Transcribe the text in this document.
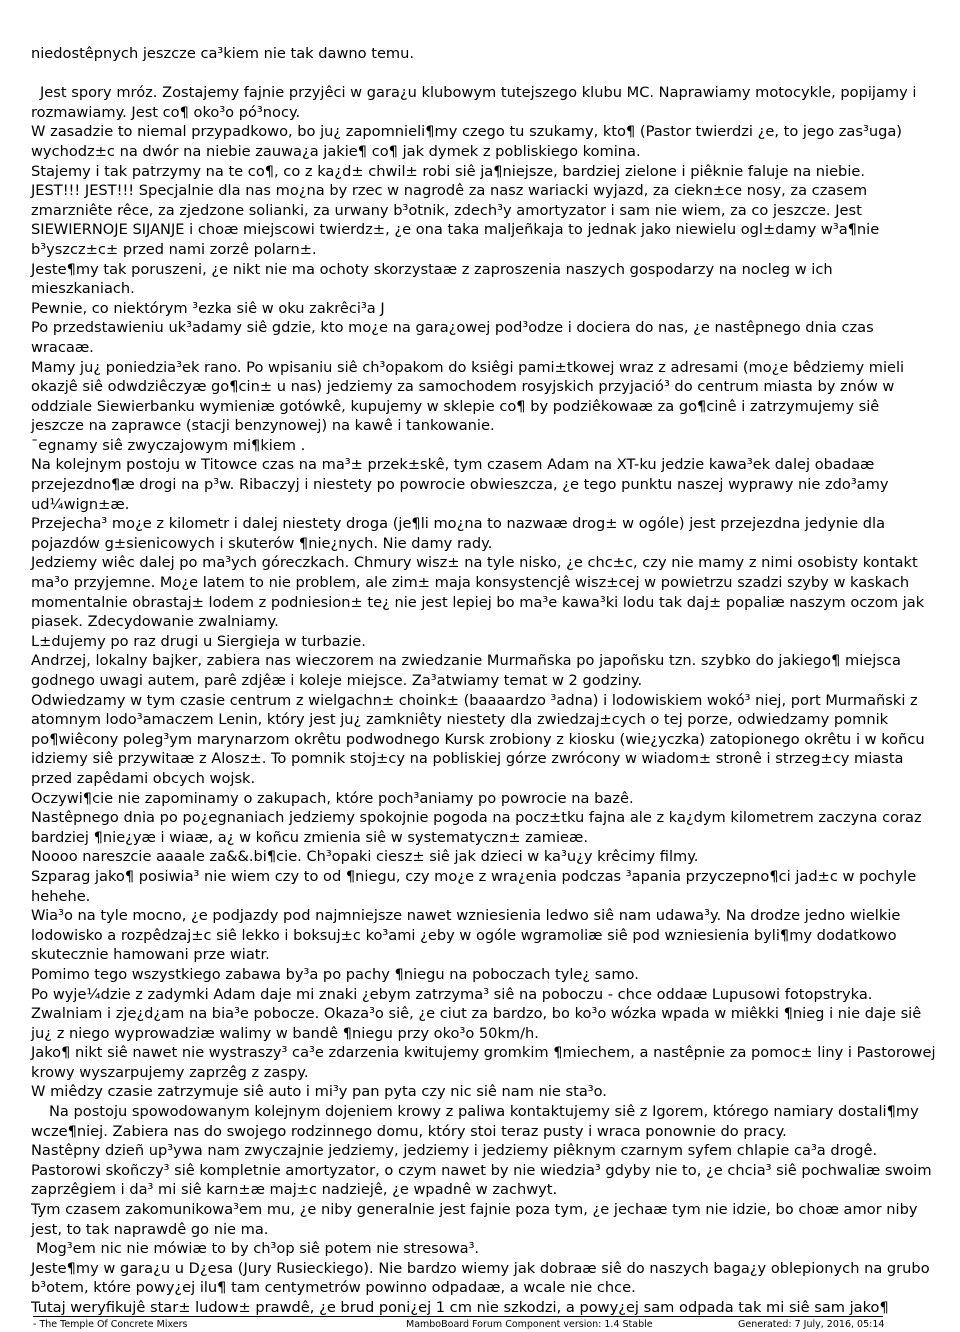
niedostêpnych jeszcze ca³kiem nie tak dawno temu.

Jest spory mróz. Zostajemy fajnie przyjêci w gara¿u klubowym tutejszego klubu MC. Naprawiamy motocykle, popijamy i rozmawiamy. Jest co¶ oko³o pó³nocy.

W zasadzie to niemal przypadkowo, bo ju¿ zapomnieli¶my czego tu szukamy, kto¶ (Pastor twierdzi ¿e, to jego zas³uga) wychodz±c na dwór na niebie zauwa¿a jakie¶ co¶ jak dymek z pobliskiego komina.

Stajemy i tak patrzymy na te co¶, co z ka¿d± chwil± robi siê ja¶niejsze, bardziej zielone i piêknie faluje na niebie.

JEST!!! JEST!!! Specjalnie dla nas mo¿na by rzec w nagrodê za nasz wariacki wyjazd, za ciekn±ce nosy, za czasem zmarzniête rêce, za zjedzone solianki, za urwany b³otnik, zdech³y amortyzator i sam nie wiem, za co jeszcze. Jest SIEWIERNOJE SIJANJE i choæ miejscowi twierdz±, ¿e ona taka maljeñkaja to jednak jako niewielu ogl±damy w³a¶nie b³yszcz±c± przed nami zorzê polarn±.

Jeste¶my tak poruszeni, ¿e nikt nie ma ochoty skorzystaæ z zaproszenia naszych gospodarzy na nocleg w ich mieszkaniach.

Pewnie, co niektórym ³ezka siê w oku zakrêci³a J

Po przedstawieniu uk³adamy siê gdzie, kto mo¿e na gara¿owej pod³odze i dociera do nas, ¿e nastêpnego dnia czas wracaæ.

Mamy ju¿ poniedzia³ek rano. Po wpisaniu siê ch³opakom do ksiêgi pami±tkowej wraz z adresami (mo¿e bêdziemy mieli okazjê siê odwdziêczyæ go¶cin± u nas) jedziemy za samochodem rosyjskich przyjació³ do centrum miasta by znów w oddziale Siewierbanku wymieniæ gotówkê, kupujemy w sklepie co¶ by podziêkowaæ za go¶cinê i zatrzymujemy siê jeszcze na zaprawce (stacji benzynowej) na kawê i tankowanie.

¯egnamy siê zwyczajowym mi¶kiem .

Na kolejnym postoju w Titowce czas na ma³± przek±skê, tym czasem Adam na XT-ku jedzie kawa³ek dalej obadaæ przejezdno¶æ drogi na p³w. Ribaczyj i niestety po powrocie obwieszcza, ¿e tego punktu naszej wyprawy nie zdo³amy ud¼wign±æ.

Przejecha³ mo¿e z kilometr i dalej niestety droga (je¶li mo¿na to nazwaæ drog± w ogóle) jest przejezdna jedynie dla pojazdów g±sienicowych i skuterów ¶nie¿nych. Nie damy rady.

Jedziemy wiêc dalej po ma³ych góreczkach. Chmury wisz± na tyle nisko, ¿e chc±c, czy nie mamy z nimi osobisty kontakt ma³o przyjemne. Mo¿e latem to nie problem, ale zim± maja konsystencjê wisz±cej w powietrzu szadzi szyby w kaskach momentalnie obrastaj± lodem z podniesion± te¿ nie jest lepiej bo ma³e kawa³ki lodu tak daj± popaliæ naszym oczom jak piasek. Zdecydowanie zwalniamy.

L±dujemy po raz drugi u Siergieja w turbazie.

Andrzej, lokalny bajker, zabiera nas wieczorem na zwiedzanie Murmañska po japoñsku tzn. szybko do jakiego¶ miejsca godnego uwagi autem, parê zdjêæ i koleje miejsce. Za³atwiamy temat w 2 godziny.

Odwiedzamy w tym czasie centrum z wielgachn± choink± (baaaardzo ³adna) i lodowiskiem wokó³ niej, port Murmañski z atomnym lodo³amaczem Lenin, który jest ju¿ zamkniêty niestety dla zwiedzaj±cych o tej porze, odwiedzamy pomnik po¶wiêcony poleg³ym marynarzom okrêtu podwodnego Kursk zrobiony z kiosku (wie¿yczka) zatopionego okrêtu i w koñcu idziemy siê przywitaæ z Alosz±. To pomnik stoj±cy na pobliskiej górze zwrócony w wiadom± stronê i strzeg±cy miasta przed zapêdami obcych wojsk.

Oczywi¶cie nie zapominamy o zakupach, które poch³aniamy po powrocie na bazê.

Nastêpnego dnia po po¿egnaniach jedziemy spokojnie pogoda na pocz±tku fajna ale z ka¿dym kilometrem zaczyna coraz bardziej ¶nie¿yæ i wiaæ, a¿ w koñcu zmienia siê w systematyczn± zamieæ.

Noooo nareszcie aaaale za&&.bi¶cie. Ch³opaki ciesz± siê jak dzieci w ka³u¿y krêcimy filmy.

Szparag jako¶ posiwia³ nie wiem czy to od ¶niegu, czy mo¿e z wra¿enia podczas ³apania przyczepno¶ci jad±c w pochyle hehehe.

Wia³o na tyle mocno, ¿e podjazdy pod najmniejsze nawet wzniesienia ledwo siê nam udawa³y. Na drodze jedno wielkie lodowisko a rozpêdzaj±c siê lekko i boksuj±c ko³ami ¿eby w ogóle wgramoliæ siê pod wzniesienia byli¶my dodatkowo skutecznie hamowani prze wiatr.

Pomimo tego wszystkiego zabawa by³a po pachy ¶niegu na poboczach tyle¿ samo.

Po wyje¼dzie z zadymki Adam daje mi znaki ¿ebym zatrzyma³ siê na poboczu - chce oddaæ Lupusowi fotopstryka. Zwalniam i zje¿d¿am na bia³e pobocze. Okaza³o siê, ¿e ciut za bardzo, bo ko³o wózka wpada w miêkki ¶nieg i nie daje siê ju¿ z niego wyprowadziæ walimy w bandê ¶niegu przy oko³o 50km/h.

Jako¶ nikt siê nawet nie wystraszy³ ca³e zdarzenia kwitujemy gromkim ¶miechem, a nastêpnie za pomoc± liny i Pastorowej krowy wyszarpujemy zaprzêg z zaspy.

W miêdzy czasie zatrzymuje siê auto i mi³y pan pyta czy nic siê nam nie sta³o.

Na postoju spowodowanym kolejnym dojeniem krowy z paliwa kontaktujemy siê z Igorem, którego namiary dostali¶my wcze¶niej. Zabiera nas do swojego rodzinnego domu, który stoi teraz pusty i wraca ponownie do pracy.

Nastêpny dzieñ up³ywa nam zwyczajnie jedziemy, jedziemy i jedziemy piêknym czarnym syfem chlapie ca³a drogê. Pastorowi skoñczy³ siê kompletnie amortyzator, o czym nawet by nie wiedzia³ gdyby nie to, ¿e chcia³ siê pochwaliæ swoim zaprzêgiem i da³ mi siê karn±æ maj±c nadziejê, ¿e wpadnê w zachwyt.

Tym czasem zakomunikowa³em mu, ¿e niby generalnie jest fajnie poza tym, ¿e jechaæ tym nie idzie, bo choæ amor niby jest, to tak naprawdê go nie ma.

Mog³em nic nie mówiæ to by ch³op siê potem nie stresowa³.

Jeste¶my w gara¿u u D¿esa (Jury Rusieckiego). Nie bardzo wiemy jak dobraæ siê do naszych baga¿y oblepionych na grubo b³otem, które powy¿ej ilu¶ tam centymetrów powinno odpadaæ, a wcale nie chce.

Tutaj weryfikujê star± ludow± prawdê, ¿e brud poni¿ej 1 cm nie szkodzi, a powy¿ej sam odpada tak mi siê sam jako¶

- The Temple Of Concrete Mixers	MamboBoard Forum Component version: 1.4 Stable	Generated: 7 July, 2016, 05:14
